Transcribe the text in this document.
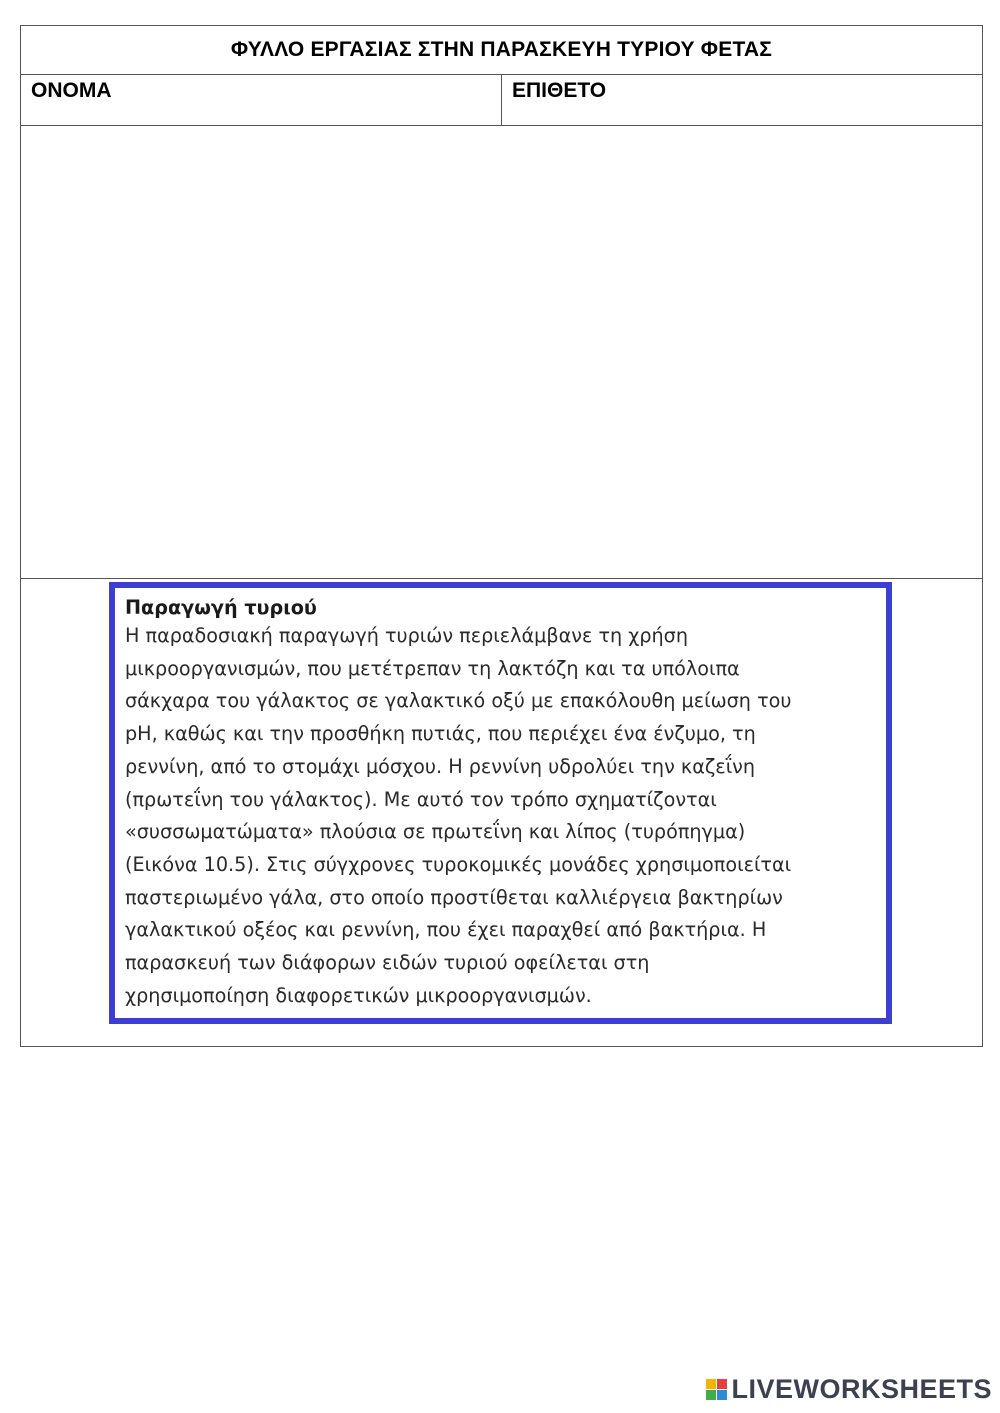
ΦΥΛΛΟ ΕΡΓΑΣΙΑΣ ΣΤΗΝ ΠΑΡΑΣΚΕΥΗ ΤΥΡΙΟΥ ΦΕΤΑΣ
ΟΝΟΜΑ	ΕΠΙΘΕΤΟ
Παραγωγή τυριού
Η παραδοσιακή παραγωγή τυριών περιελάμβανε τη χρήση
μικροοργανισμών, που μετέτρεπαν τη λακτόζη και τα υπόλοιπα
σάκχαρα του γάλακτος σε γαλακτικό οξύ με επακόλουθη μείωση του
pH, καθώς και την προσθήκη πυτιάς, που περιέχει ένα ένζυμο, τη
ρεννίνη, από το στομάχι μόσχου. Η ρεννίνη υδρολύει την καζεΐνη
(πρωτεΐνη του γάλακτος). Με αυτό τον τρόπο σχηματίζονται
«συσσωματώματα» πλούσια σε πρωτεΐνη και λίπος (τυρόπηγμα)
(Εικόνα 10.5). Στις σύγχρονες τυροκομικές μονάδες χρησιμοποιείται
παστεριωμένο γάλα, στο οποίο προστίθεται καλλιέργεια βακτηρίων
γαλακτικού οξέος και ρεννίνη, που έχει παραχθεί από βακτήρια. Η
παρασκευή των διάφορων ειδών τυριού οφείλεται στη
χρησιμοποίηση διαφορετικών μικροοργανισμών.
LIVEWORKSHEETS
